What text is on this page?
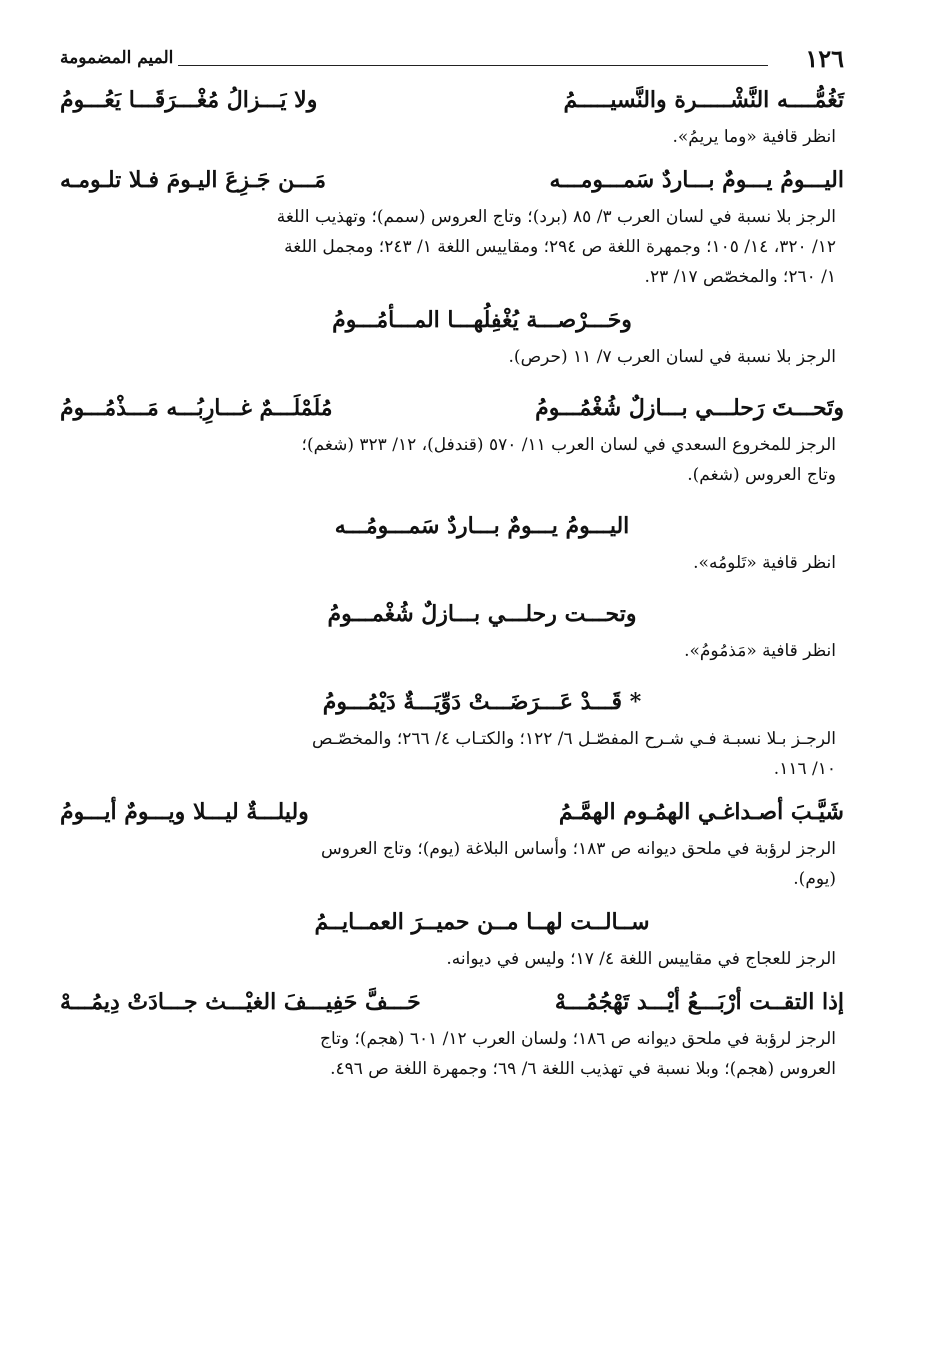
١٢٦
الميم المضمومة
تَغُمُّــــه النَّشْـــــرة والنَّسيـــــمُ
ولا يَـــزالُ مُغْـــرَقَـــا يَعُـــومُ
انظر قافية «وما يريمُ».
اليـــومُ يـــومٌ بـــاردٌ سَمـــومـــه
مَـــن جَـزِعَ اليـومَ فـلا تلـومـه
الرجز بلا نسبة في لسان العرب ٣/ ٨٥ (برد)؛ وتاج العروس (سمم)؛ وتهذيب اللغة
١٢/ ٣٢٠، ١٤/ ١٠٥؛ وجمهرة اللغة ص ٢٩٤؛ ومقاييس اللغة ١/ ٢٤٣؛ ومجمل اللغة
١/ ٢٦٠؛ والمخصّص ١٧/ ٢٣.
وحَـــرْصـــة يُغْفِلُهـــا المـــأمُـــومُ
الرجز بلا نسبة في لسان العرب ٧/ ١١ (حرص).
وتَحـــتَ رَحلـــي بـــازلٌ شُغْمُـــومُ
مُلَمْلَـــمٌ غـــارِبُـــه مَـــذْمُـــومُ
الرجز للمخروع السعدي في لسان العرب ١١/ ٥٧٠ (قندفل)، ١٢/ ٣٢٣ (شغم)؛
وتاج العروس (شغم).
اليـــومُ يـــومٌ بـــاردٌ سَمـــومُـــه
انظر قافية «تَلومُه».
وتحـــت رحلـــي بـــازلٌ شُغْمـــومُ
انظر قافية «مَذمُومُ».
* قَـــدْ عَـــرَضَـــتْ دَوِّيَـــةٌ دَيْمُـــومُ
الرجـز بـلا نسبـة فـي شـرح المفصّـل ٦/ ١٢٢؛ والكتـاب ٤/ ٢٦٦؛ والمخصّـص
١٠/ ١١٦.
شَيَّـبَ أصـداغـي الهمُـوم الهمَّـمُ
وليلـــةٌ ليـــلا ويـــومٌ أيـــومُ
الرجز لرؤبة في ملحق ديوانه ص ١٨٣؛ وأساس البلاغة (يوم)؛ وتاج العروس
(يوم).
ســالــت لهــا مــن حميــرَ العمــايــمُ
الرجز للعجاج في مقاييس اللغة ٤/ ١٧؛ وليس في ديوانه.
إذا التقــت أرْبَـــعُ أيْـــد تَهْجُمُـــهْ
حَـــفَّ حَفِيـــفَ الغيْـــث جـــادَتْ دِيمُـــهْ
الرجز لرؤبة في ملحق ديوانه ص ١٨٦؛ ولسان العرب ١٢/ ٦٠١ (هجم)؛ وتاج
العروس (هجم)؛ وبلا نسبة في تهذيب اللغة ٦/ ٦٩؛ وجمهرة اللغة ص ٤٩٦.
